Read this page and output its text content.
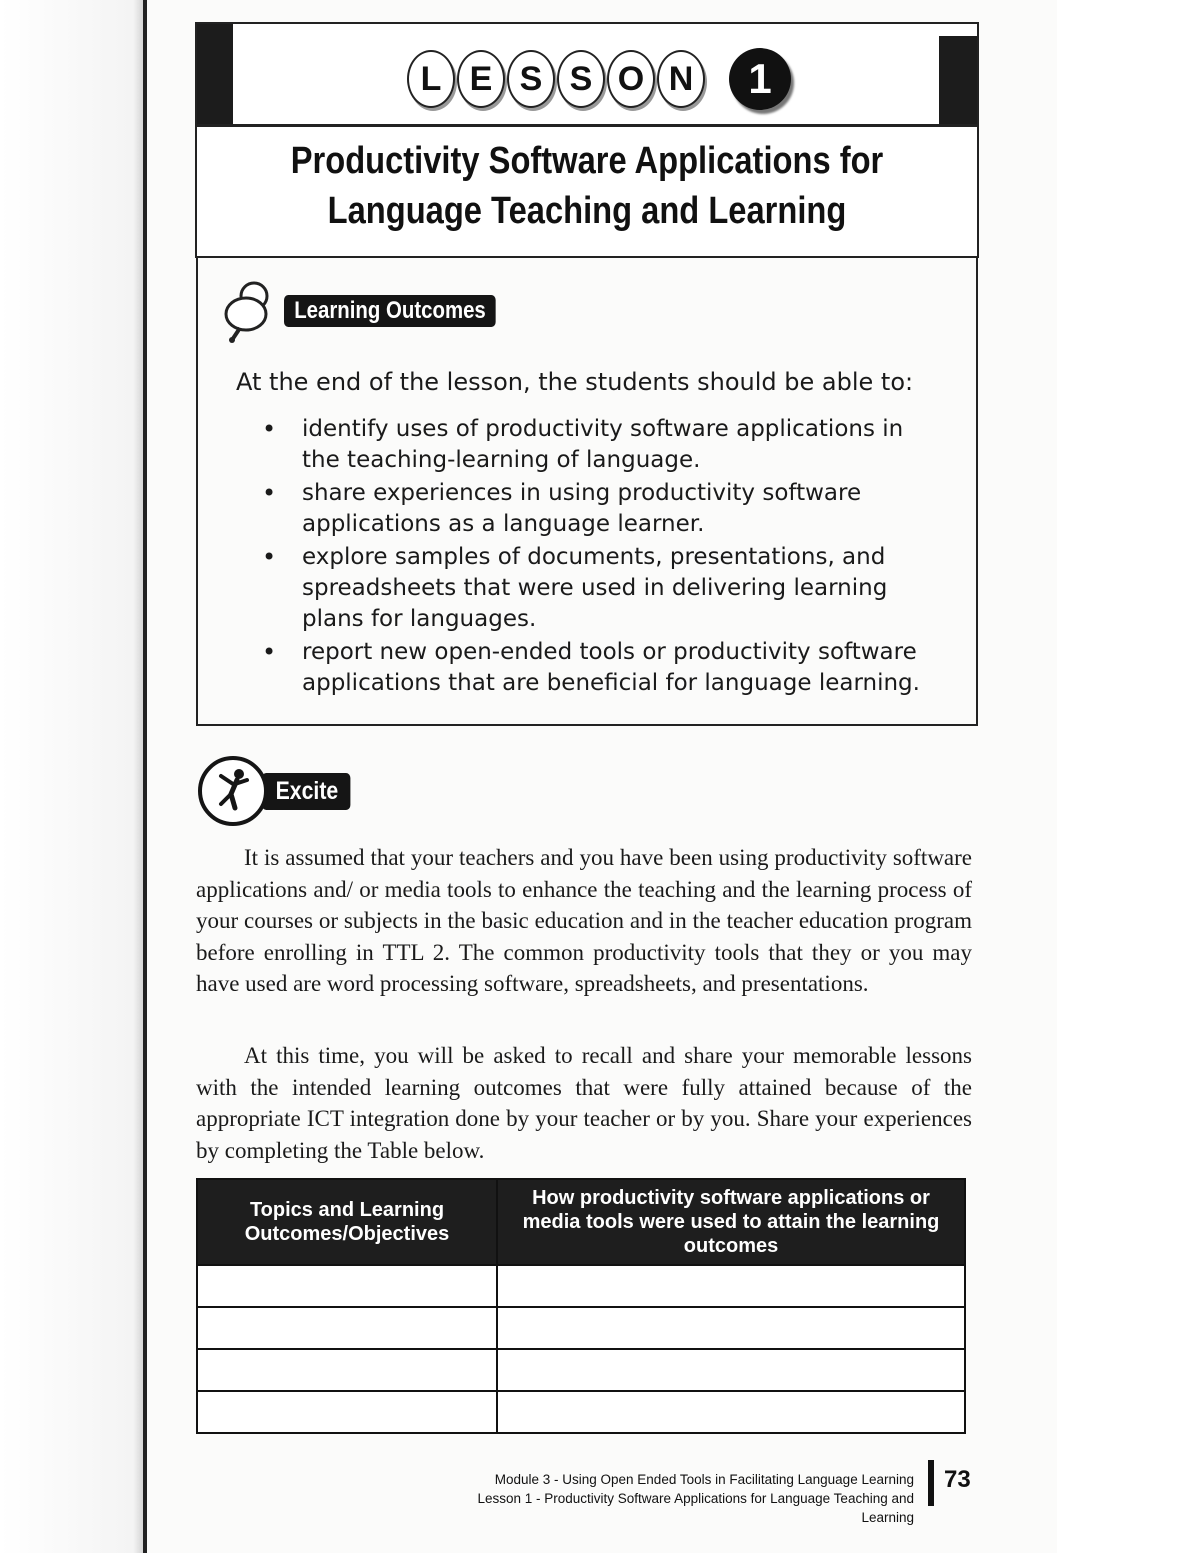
L E S S O N	1
Productivity Software Applications for
Language Teaching and Learning
Learning Outcomes
At the end of the lesson, the students should be able to:
• identify uses of productivity software applications in the teaching-learning of language.
• share experiences in using productivity software applications as a language learner.
• explore samples of documents, presentations, and spreadsheets that were used in delivering learning plans for languages.
• report new open-ended tools or productivity software applications that are beneficial for language learning.
Excite

It is assumed that your teachers and you have been using productivity software applications and/ or media tools to enhance the teaching and the learning process of your courses or subjects in the basic education and in the teacher education program before enrolling in TTL 2. The common productivity tools that they or you may have used are word processing software, spreadsheets, and presentations.

At this time, you will be asked to recall and share your memorable lessons with the intended learning outcomes that were fully attained because of the appropriate ICT integration done by your teacher or by you. Share your experiences by completing the Table below.

Topics and Learning Outcomes/Objectives	How productivity software applications or media tools were used to attain the learning outcomes

Module 3 - Using Open Ended Tools in Facilitating Language Learning
Lesson 1 - Productivity Software Applications for Language Teaching and Learning
73
